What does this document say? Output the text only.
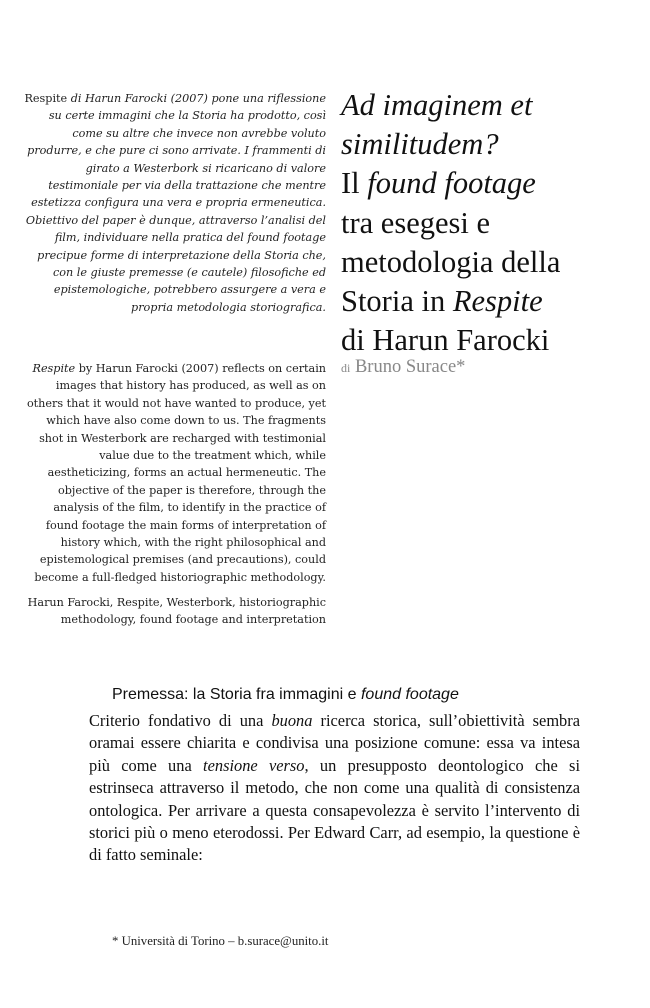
Respite di Harun Farocki (2007) pone una riflessione su certe immagini che la Storia ha prodotto, così come su altre che invece non avrebbe voluto produrre, e che pure ci sono arrivate. I frammenti di girato a Westerbork si ricaricano di valore testimoniale per via della trattazione che mentre estetizza configura una vera e propria ermeneutica. Obiettivo del paper è dunque, attraverso l’analisi del film, individuare nella pratica del found footage precipue forme di interpretazione della Storia che, con le giuste premesse (e cautele) filosofiche ed epistemologiche, potrebbero assurgere a vera e propria metodologia storiografica.
Respite by Harun Farocki (2007) reflects on certain images that history has produced, as well as on others that it would not have wanted to produce, yet which have also come down to us. The fragments shot in Westerbork are recharged with testimonial value due to the treatment which, while aestheticizing, forms an actual hermeneutic. The objective of the paper is therefore, through the analysis of the film, to identify in the practice of found footage the main forms of interpretation of history which, with the right philosophical and epistemological premises (and precautions), could become a full-fledged historiographic methodology.
Harun Farocki, Respite, Westerbork, historiographic methodology, found footage and interpretation
Ad imaginem et
similitudem?
Il found footage
tra esegesi e
metodologia della
Storia in Respite
di Harun Farocki
di Bruno Surace*
Premessa: la Storia fra immagini e found footage
Criterio fondativo di una buona ricerca storica, sull’obiettività sembra oramai essere chiarita e condivisa una posizione comune: essa va intesa più come una tensione verso, un presupposto deontologico che si estrinseca attraverso il metodo, che non come una qualità di consistenza ontologica. Per arrivare a questa consapevolezza è servito l’intervento di storici più o meno eterodossi. Per Edward Carr, ad esempio, la questione è di fatto seminale:
* Università di Torino – b.surace@unito.it
